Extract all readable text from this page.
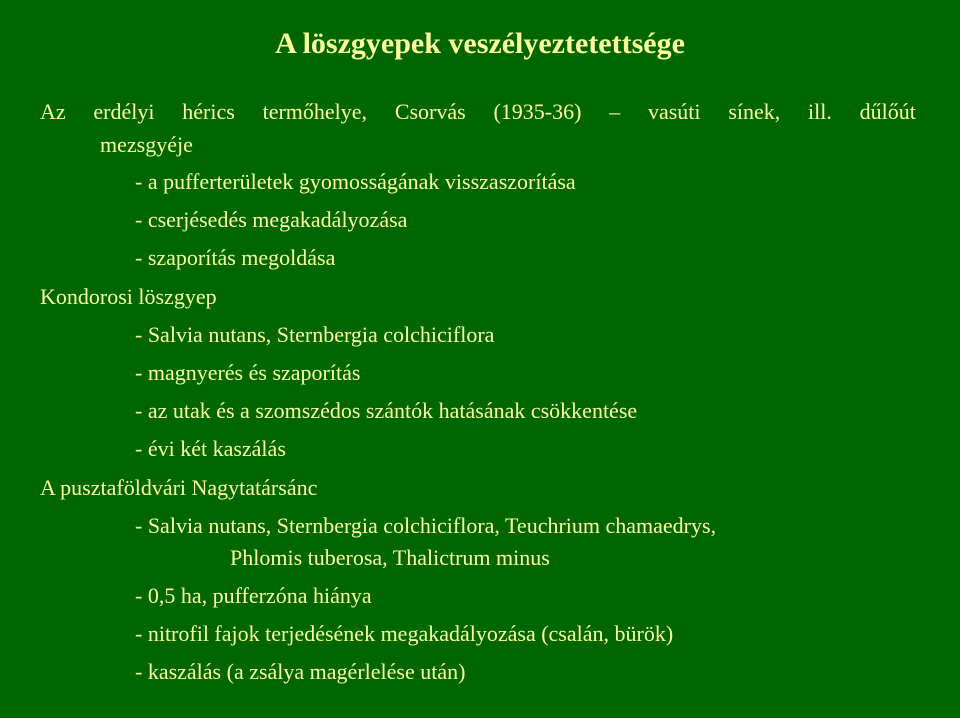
A löszgyepek veszélyeztetettsége
Az erdélyi hérics termőhelye, Csorvás (1935-36) – vasúti sínek, ill. dűlőút
mezsgyéje
- a pufferterületek gyomosságának visszaszorítása
- cserjésedés megakadályozása
- szaporítás megoldása
Kondorosi löszgyep
- Salvia nutans, Sternbergia colchiciflora
- magnyerés és szaporítás
- az utak és a szomszédos szántók hatásának csökkentése
- évi két kaszálás
A pusztaföldvári Nagytatársánc
- Salvia nutans, Sternbergia colchiciflora, Teuchrium chamaedrys,
Phlomis tuberosa, Thalictrum minus
- 0,5 ha, pufferzóna hiánya
- nitrofil fajok terjedésének megakadályozása (csalán, bürök)
- kaszálás (a zsálya magérlelése után)
